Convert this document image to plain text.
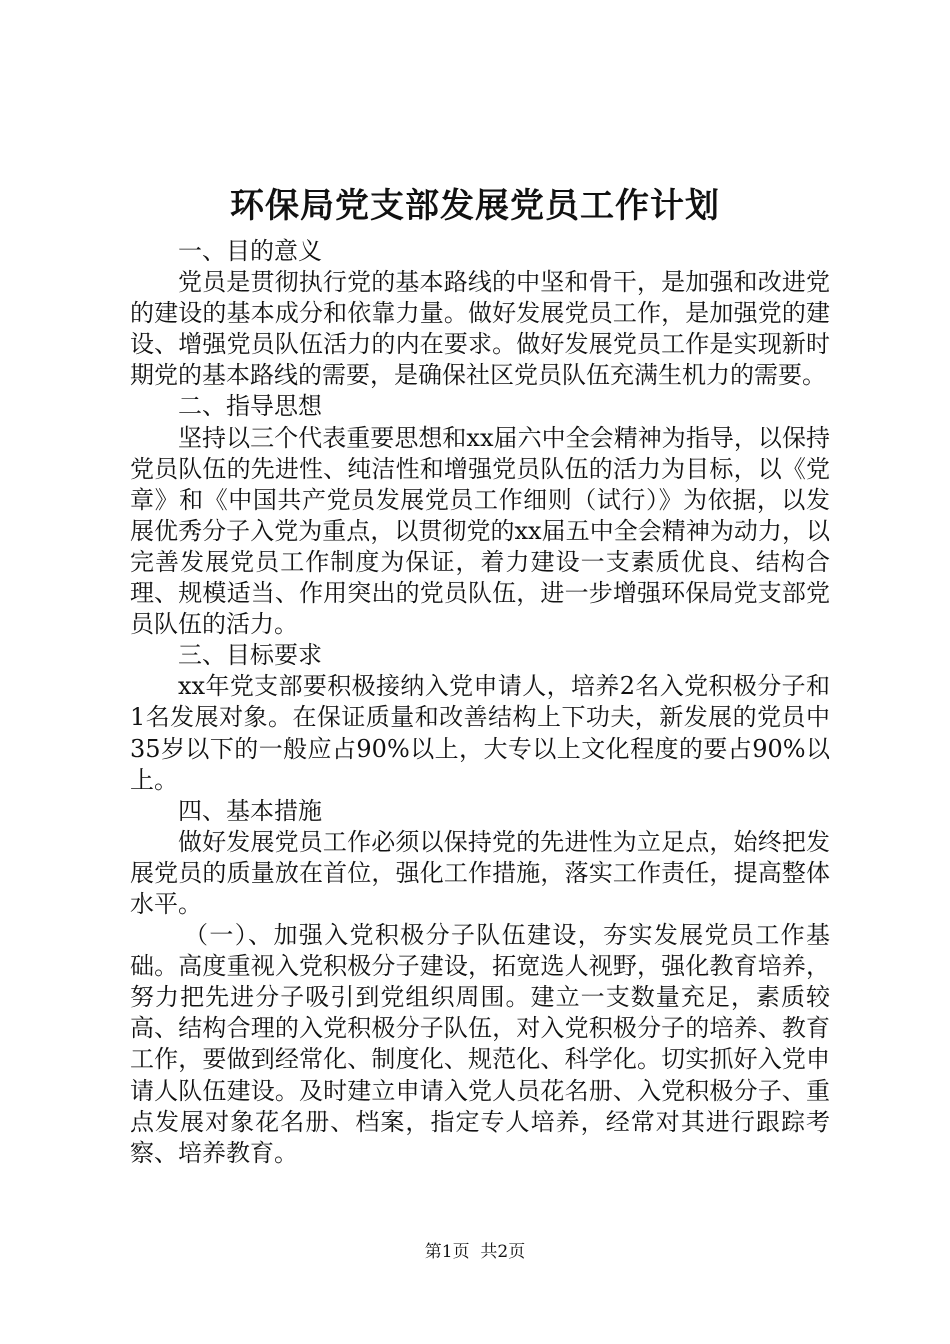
环保局党支部发展党员工作计划

一、目的意义

党员是贯彻执行党的基本路线的中坚和骨干，是加强和改进党的建设的基本成分和依靠力量。做好发展党员工作，是加强党的建设、增强党员队伍活力的内在要求。做好发展党员工作是实现新时期党的基本路线的需要，是确保社区党员队伍充满生机力的需要。

二、指导思想

坚持以三个代表重要思想和xx届六中全会精神为指导，以保持党员队伍的先进性、纯洁性和增强党员队伍的活力为目标，以《党章》和《中国共产党员发展党员工作细则（试行）》为依据，以发展优秀分子入党为重点，以贯彻党的xx届五中全会精神为动力，以完善发展党员工作制度为保证，着力建设一支素质优良、结构合理、规模适当、作用突出的党员队伍，进一步增强环保局党支部党员队伍的活力。

三、目标要求

xx年党支部要积极接纳入党申请人，培养2名入党积极分子和1名发展对象。在保证质量和改善结构上下功夫，新发展的党员中35岁以下的一般应占90%以上，大专以上文化程度的要占90%以上。

四、基本措施

做好发展党员工作必须以保持党的先进性为立足点，始终把发展党员的质量放在首位，强化工作措施，落实工作责任，提高整体水平。

（一）、加强入党积极分子队伍建设，夯实发展党员工作基础。高度重视入党积极分子建设，拓宽选人视野，强化教育培养，努力把先进分子吸引到党组织周围。建立一支数量充足，素质较高、结构合理的入党积极分子队伍，对入党积极分子的培养、教育工作，要做到经常化、制度化、规范化、科学化。切实抓好入党申请人队伍建设。及时建立申请入党人员花名册、入党积极分子、重点发展对象花名册、档案，指定专人培养，经常对其进行跟踪考察、培养教育。

第1页  共2页
